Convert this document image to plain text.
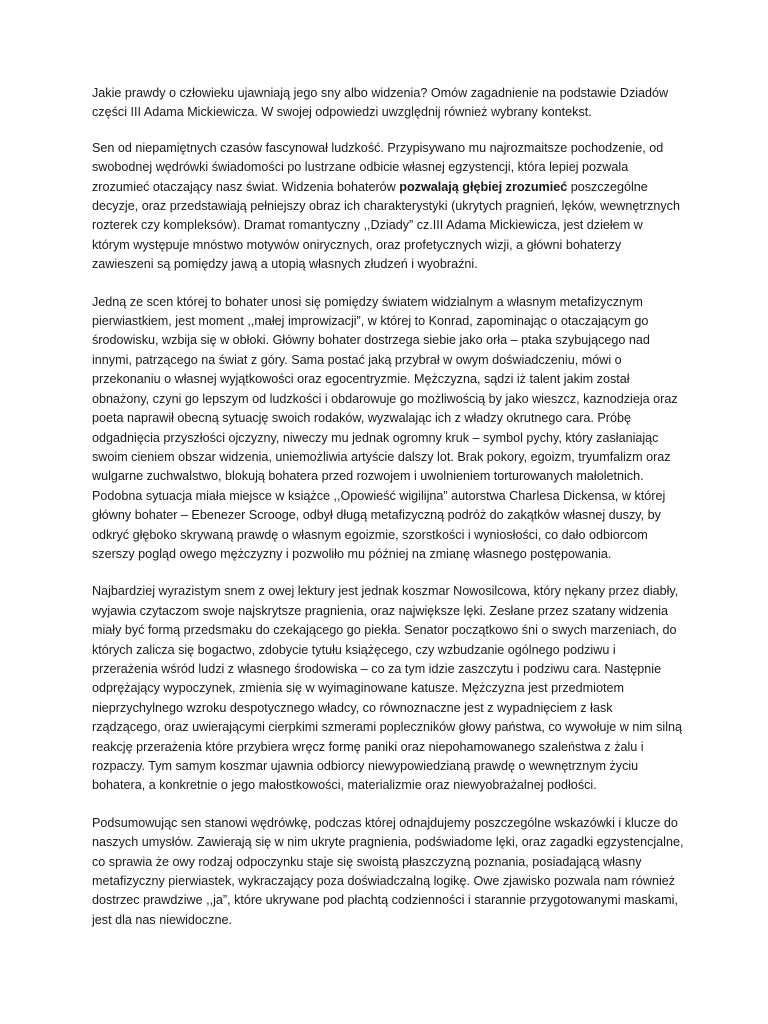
Jakie prawdy o człowieku ujawniają jego sny albo widzenia? Omów zagadnienie na podstawie Dziadów części III Adama Mickiewicza. W swojej odpowiedzi uwzględnij również wybrany kontekst.

Sen od niepamiętnych czasów fascynował ludzkość. Przypisywano mu najrozmaitsze pochodzenie, od swobodnej wędrówki świadomości po lustrzane odbicie własnej egzystencji, która lepiej pozwala zrozumieć otaczający nasz świat. Widzenia bohaterów pozwalają głębiej zrozumieć poszczególne decyzje, oraz przedstawiają pełniejszy obraz ich charakterystyki (ukrytych pragnień, lęków, wewnętrznych rozterek czy kompleksów). Dramat romantyczny ,,Dziady” cz.III Adama Mickiewicza, jest dziełem w którym występuje mnóstwo motywów onirycznych, oraz profetycznych wizji, a główni bohaterzy zawieszeni są pomiędzy jawą a utopią własnych złudzeń i wyobraźni.

Jedną ze scen której to bohater unosi się pomiędzy światem widzialnym a własnym metafizycznym pierwiastkiem, jest moment ,,małej improwizacji”, w której to Konrad, zapominając o otaczającym go środowisku, wzbija się w obłoki. Główny bohater dostrzega siebie jako orła – ptaka szybującego nad innymi, patrzącego na świat z góry. Sama postać jaką przybrał w owym doświadczeniu, mówi o przekonaniu o własnej wyjątkowości oraz egocentryzmie. Mężczyzna, sądzi iż talent jakim został obnażony, czyni go lepszym od ludzkości i obdarowuje go możliwością by jako wieszcz, kaznodzieja oraz poeta naprawił obecną sytuację swoich rodaków, wyzwalając ich z władzy okrutnego cara. Próbę odgadnięcia przyszłości ojczyzny, niweczy mu jednak ogromny kruk – symbol pychy, który zasłaniając swoim cieniem obszar widzenia, uniemożliwia artyście dalszy lot. Brak pokory, egoizm, tryumfalizm oraz wulgarne zuchwalstwo, blokują bohatera przed rozwojem i uwolnieniem torturowanych małoletnich. Podobna sytuacja miała miejsce w książce ,,Opowieść wigilijna” autorstwa Charlesa Dickensa, w której główny bohater – Ebenezer Scrooge, odbył długą metafizyczną podróż do zakątków własnej duszy, by odkryć głęboko skrywaną prawdę o własnym egoizmie, szorstkości i wyniosłości, co dało odbiorcom szerszy pogląd owego mężczyzny i pozwoliło mu później na zmianę własnego postępowania.

Najbardziej wyrazistym snem z owej lektury jest jednak koszmar Nowosilcowa, który nękany przez diabły, wyjawia czytaczom swoje najskrytsze pragnienia, oraz największe lęki. Zesłane przez szatany widzenia miały być formą przedsmaku do czekającego go piekła. Senator początkowo śni o swych marzeniach, do których zalicza się bogactwo, zdobycie tytułu książęcego, czy wzbudzanie ogólnego podziwu i przerażenia wśród ludzi z własnego środowiska – co za tym idzie zaszczytu i podziwu cara. Następnie odprężający wypoczynek, zmienia się w wyimaginowane katusze. Mężczyzna jest przedmiotem nieprzychylnego wzroku despotycznego władcy, co równoznaczne jest z wypadnięciem z łask rządzącego, oraz uwierającymi cierpkimi szmerami popleczników głowy państwa, co wywołuje w nim silną reakcję przerażenia które przybiera wręcz formę paniki oraz niepohamowanego szaleństwa z żalu i rozpaczy. Tym samym koszmar ujawnia odbiorcy niewypowiedzianą prawdę o wewnętrznym życiu bohatera, a konkretnie o jego małostkowości, materializmie oraz niewyobrażalnej podłości.

Podsumowując sen stanowi wędrówkę, podczas której odnajdujemy poszczególne wskazówki i klucze do naszych umysłów. Zawierają się w nim ukryte pragnienia, podświadome lęki, oraz zagadki egzystencjalne, co sprawia że owy rodzaj odpoczynku staje się swoistą płaszczyzną poznania, posiadającą własny metafizyczny pierwiastek, wykraczający poza doświadczalną logikę. Owe zjawisko pozwala nam również dostrzec prawdziwe ,,ja”, które ukrywane pod płachtą codzienności i starannie przygotowanymi maskami, jest dla nas niewidoczne.
